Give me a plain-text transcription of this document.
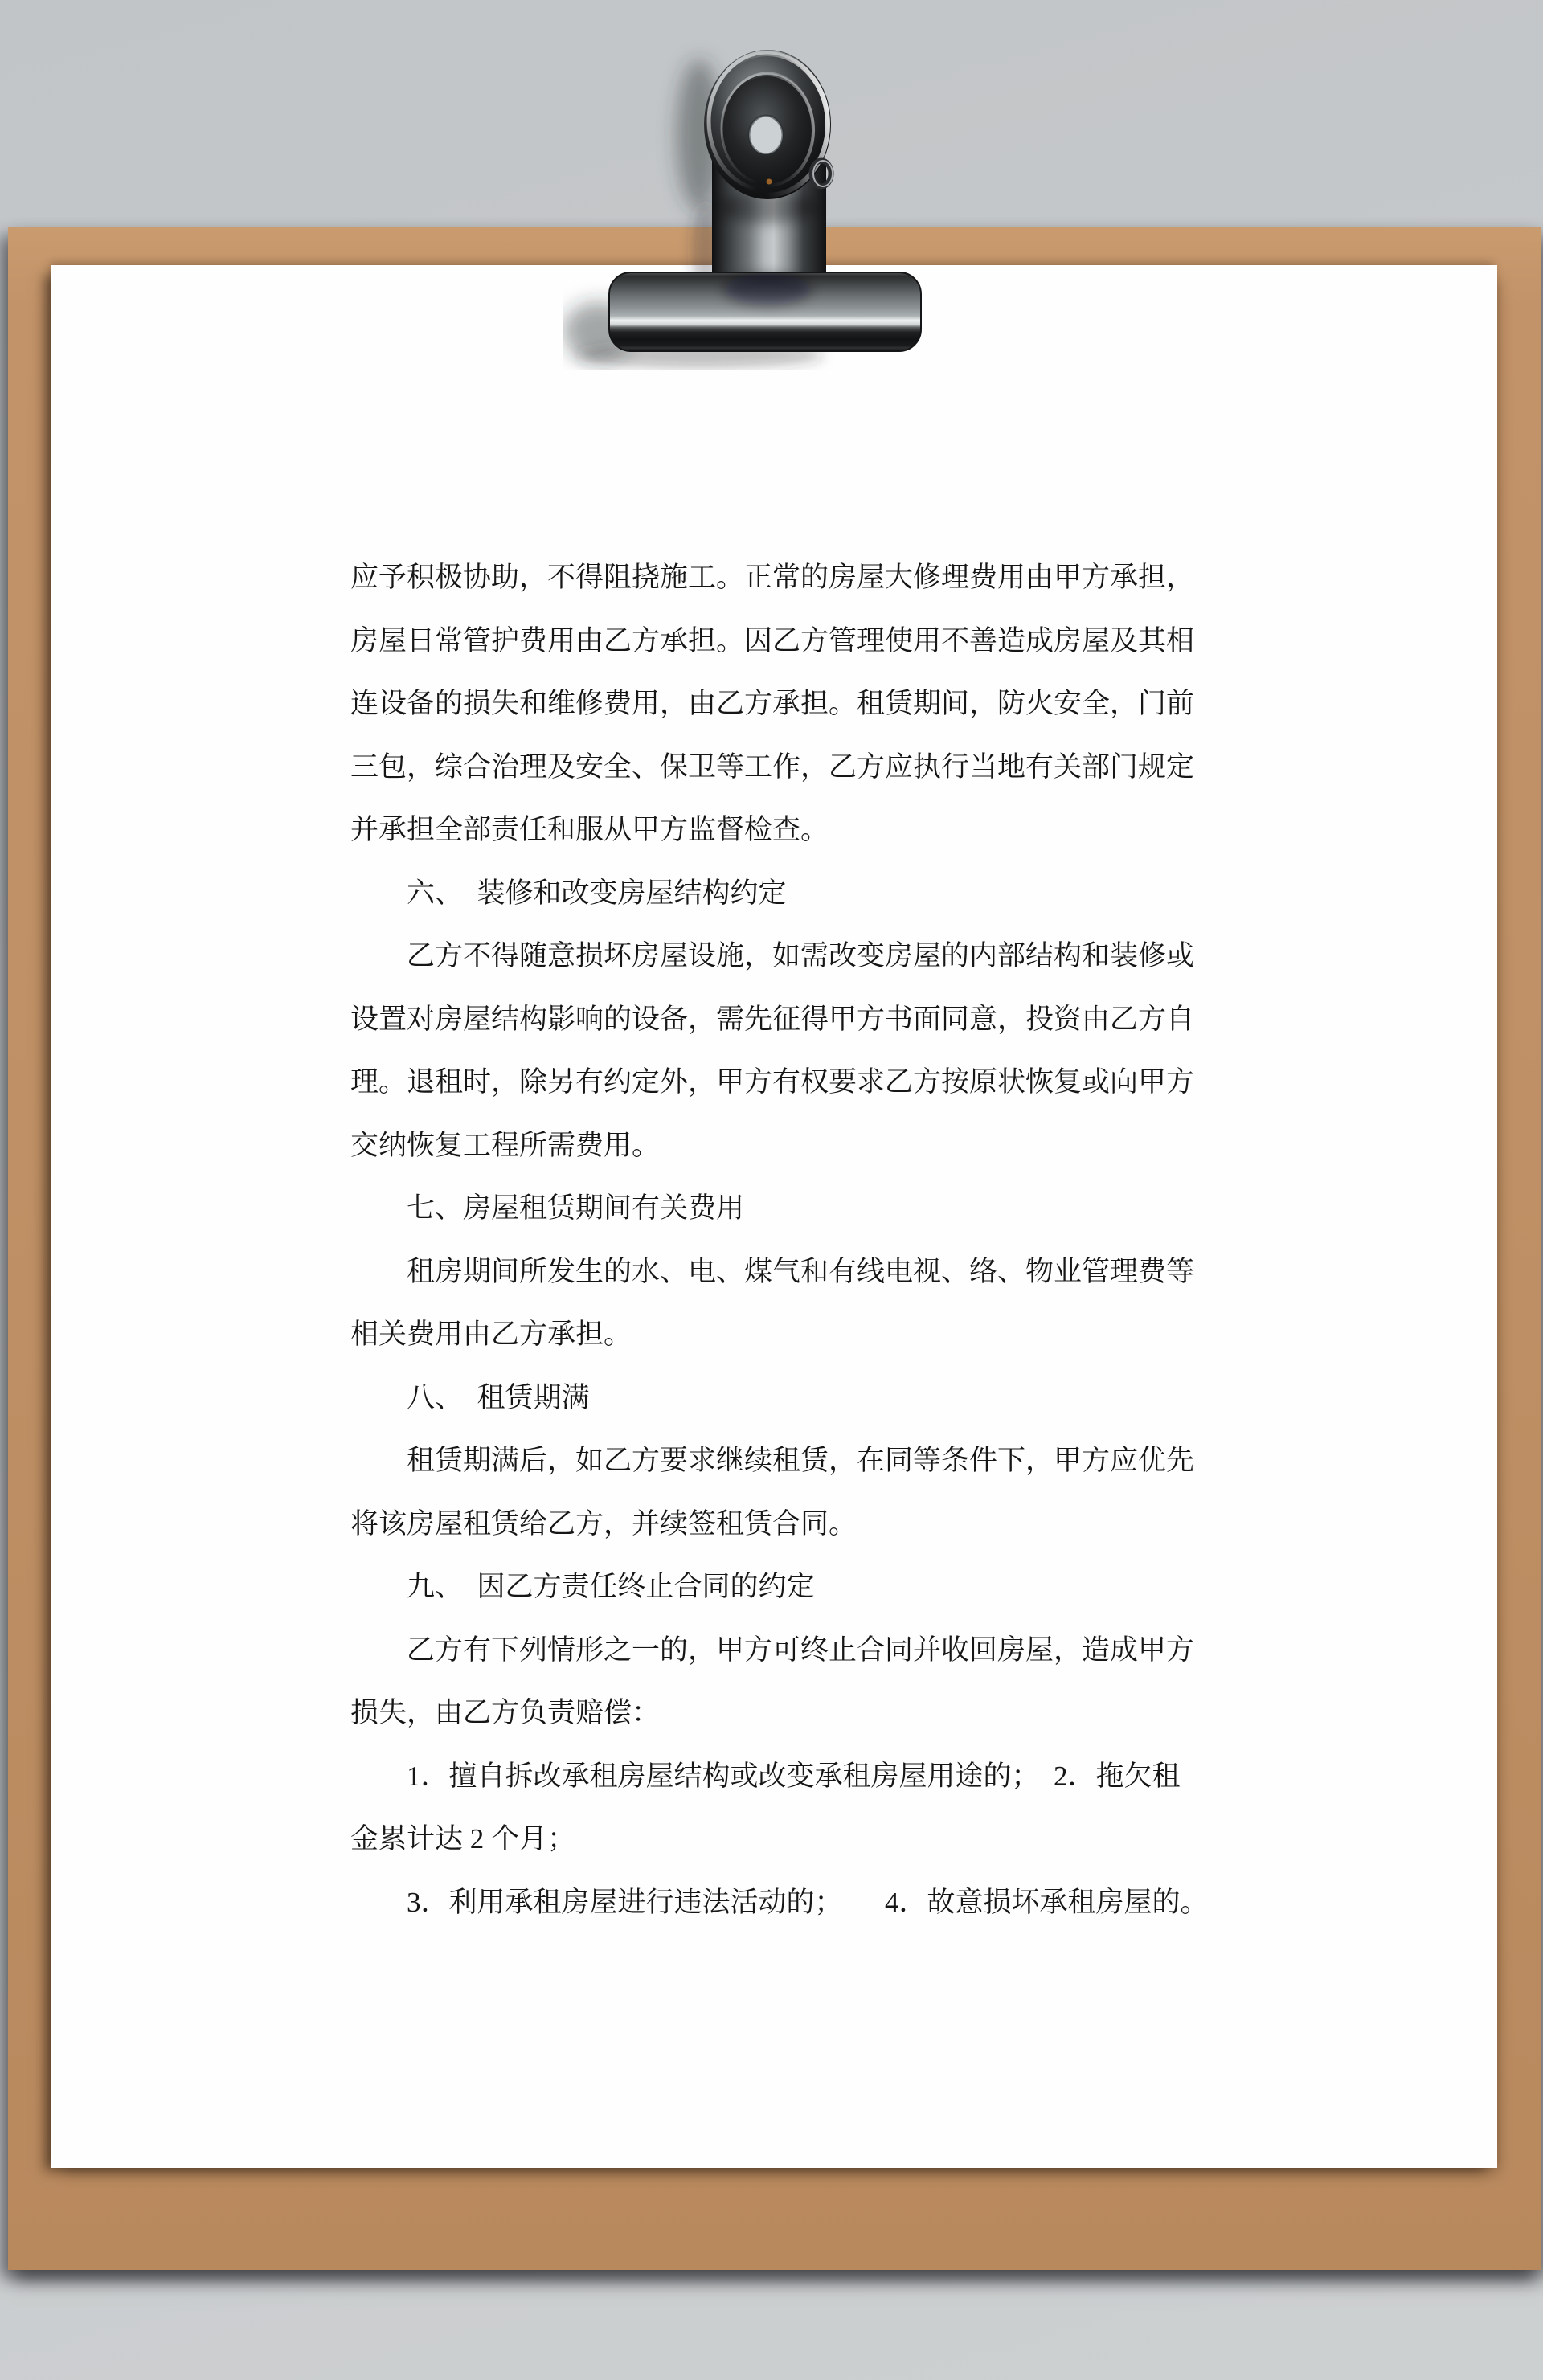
应予积极协助，不得阻挠施工。正常的房屋大修理费用由甲方承担，
房屋日常管护费用由乙方承担。因乙方管理使用不善造成房屋及其相
连设备的损失和维修费用，由乙方承担。租赁期间，防火安全，门前
三包，综合治理及安全、保卫等工作，乙方应执行当地有关部门规定
并承担全部责任和服从甲方监督检查。
　　六、　装修和改变房屋结构约定
　　乙方不得随意损坏房屋设施，如需改变房屋的内部结构和装修或
设置对房屋结构影响的设备，需先征得甲方书面同意，投资由乙方自
理。退租时，除另有约定外，甲方有权要求乙方按原状恢复或向甲方
交纳恢复工程所需费用。
　　七、房屋租赁期间有关费用
　　租房期间所发生的水、电、煤气和有线电视、络、物业管理费等
相关费用由乙方承担。
　　八、　租赁期满
　　租赁期满后，如乙方要求继续租赁，在同等条件下，甲方应优先
将该房屋租赁给乙方，并续签租赁合同。
　　九、　因乙方责任终止合同的约定
　　乙方有下列情形之一的，甲方可终止合同并收回房屋，造成甲方
损失，由乙方负责赔偿：
　　1．擅自拆改承租房屋结构或改变承租房屋用途的；　2．拖欠租
金累计达 2 个月；
　　3．利用承租房屋进行违法活动的；　　4．故意损坏承租房屋的。
